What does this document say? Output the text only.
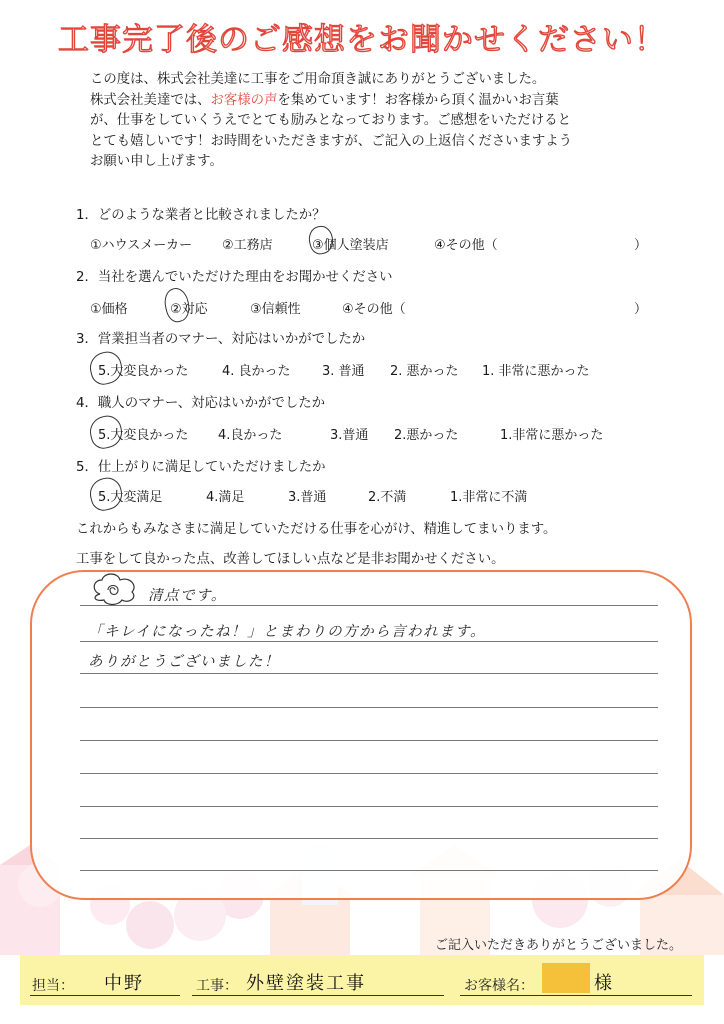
工事完了後のご感想をお聞かせください！
この度は、株式会社美達に工事をご用命頂き誠にありがとうございました。
株式会社美達では、お客様の声を集めています！お客様から頂く温かいお言葉
が、仕事をしていくうえでとても励みとなっております。ご感想をいただけると
とても嬉しいです！お時間をいただきますが、ご記入の上返信くださいますよう
お願い申し上げます。
1．どのような業者と比較されましたか？
①ハウスメーカー ②工務店	③個人塗装店	④その他（	）
2．当社を選んでいただけた理由をお聞かせください
①価格	②対応	③信頼性	④その他（	）
3．営業担当者のマナー、対応はいかがでしたか
5.大変良かった	4. 良かった 3. 普通 2. 悪かった 1. 非常に悪かった
4．職人のマナー、対応はいかがでしたか
5.大変良かった 4.良かった	3.普通 2.悪かった	1.非常に悪かった
5．仕上がりに満足していただけましたか
5.大変満足	4.満足	3.普通	2.不満	1.非常に不満
これからもみなさまに満足していただける仕事を心がけ、精進してまいります。
工事をして良かった点、改善してほしい点など是非お聞かせください。
清点です。
「キレイになったね！」とまわりの方から言われます。
ありがとうございました！
ご記入いただきありがとうございました。
担当： 中野	工事： 外壁塗装工事	お客様名：	様
